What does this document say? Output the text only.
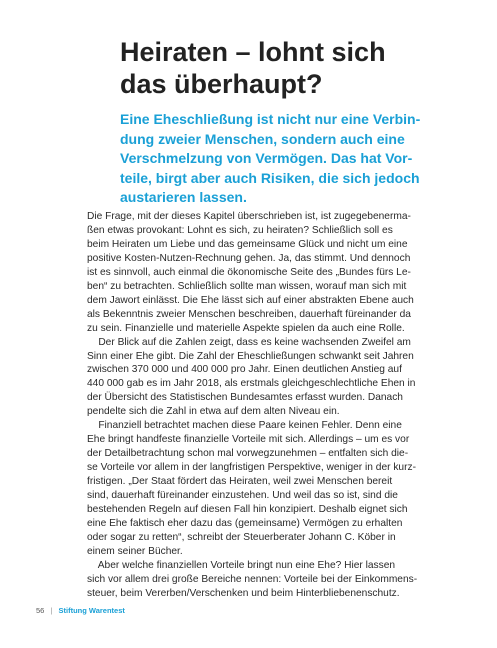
Heiraten – lohnt sich
das überhaupt?

Eine Eheschließung ist nicht nur eine Verbin-
dung zweier Menschen, sondern auch eine
Verschmelzung von Vermögen. Das hat Vor-
teile, birgt aber auch Risiken, die sich jedoch
austarieren lassen.

Die Frage, mit der dieses Kapitel überschrieben ist, ist zugegebenerma-
ßen etwas provokant: Lohnt es sich, zu heiraten? Schließlich soll es
beim Heiraten um Liebe und das gemeinsame Glück und nicht um eine
positive Kosten-Nutzen-Rechnung gehen. Ja, das stimmt. Und dennoch
ist es sinnvoll, auch einmal die ökonomische Seite des „Bundes fürs Le-
ben“ zu betrachten. Schließlich sollte man wissen, worauf man sich mit
dem Jawort einlässt. Die Ehe lässt sich auf einer abstrakten Ebene auch
als Bekenntnis zweier Menschen beschreiben, dauerhaft füreinander da
zu sein. Finanzielle und materielle Aspekte spielen da auch eine Rolle.
Der Blick auf die Zahlen zeigt, dass es keine wachsenden Zweifel am
Sinn einer Ehe gibt. Die Zahl der Eheschließungen schwankt seit Jahren
zwischen 370 000 und 400 000 pro Jahr. Einen deutlichen Anstieg auf
440 000 gab es im Jahr 2018, als erstmals gleichgeschlechtliche Ehen in
der Übersicht des Statistischen Bundesamtes erfasst wurden. Danach
pendelte sich die Zahl in etwa auf dem alten Niveau ein.
Finanziell betrachtet machen diese Paare keinen Fehler. Denn eine
Ehe bringt handfeste finanzielle Vorteile mit sich. Allerdings – um es vor
der Detailbetrachtung schon mal vorwegzunehmen – entfalten sich die-
se Vorteile vor allem in der langfristigen Perspektive, weniger in der kurz-
fristigen. „Der Staat fördert das Heiraten, weil zwei Menschen bereit
sind, dauerhaft füreinander einzustehen. Und weil das so ist, sind die
bestehenden Regeln auf diesen Fall hin konzipiert. Deshalb eignet sich
eine Ehe faktisch eher dazu das (gemeinsame) Vermögen zu erhalten
oder sogar zu retten“, schreibt der Steuerberater Johann C. Köber in
einem seiner Bücher.
Aber welche finanziellen Vorteile bringt nun eine Ehe? Hier lassen
sich vor allem drei große Bereiche nennen: Vorteile bei der Einkommens-
steuer, beim Vererben/Verschenken und beim Hinterbliebenenschutz.
56 | Stiftung Warentest
